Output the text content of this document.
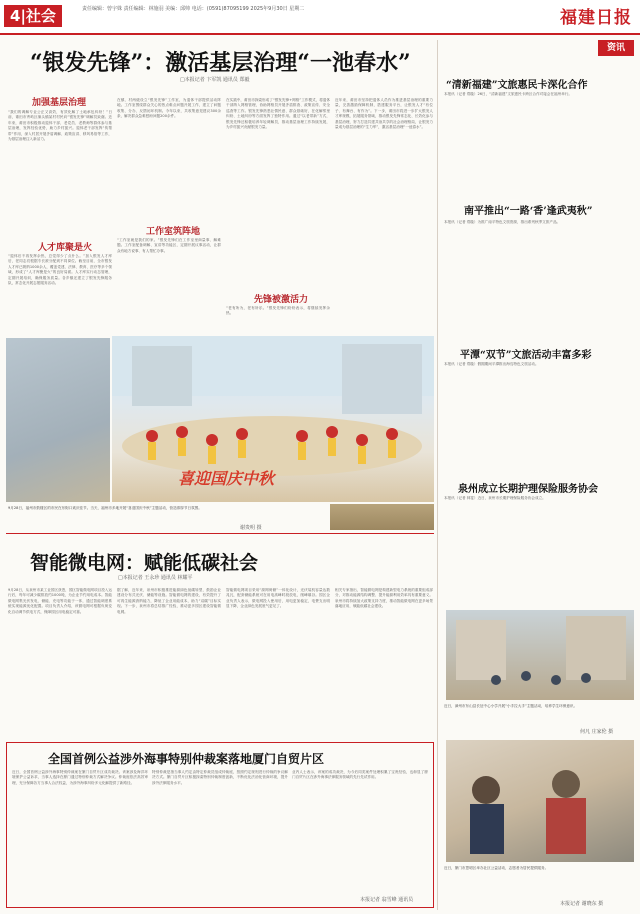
4|社会	责任编辑：曾宇姝 责任编辑：林施羽 美编：邱帅 电话：(0591)87095199 2025年9月30日 星期二	福建日报
“银发先锋”：激活基层治理“一池春水”
□本报记者 卞军凯 通讯员 郑毅
加强基层治理
“我们的调解专业公正又高效，有效化解了土地承包纠纷！”日前，莆田市秀屿区埭头镇某村村民向“银发先锋”调解员致谢。近年来，莆田市积极推动退休干部、老党员、老教师等群体参与基层治理，发挥经验优势，助力乡村振兴。退休老干部发挥“传帮带”作用，深入村居开展矛盾调解、政策宣讲、移风易俗等工作，为基层治理注入新活力。
人才库聚是火
“退休后不再发挥余热，总觉得少了点什么。”加入银发人才库后，老同志们根据专长被分配到不同岗位。截至目前，全市银发人才库已吸纳1000余人，覆盖党建、法律、教育、医疗等多个领域，形成了“人才库聚是火”的良好局面。人才库实行动态管理，定期开展培训，确保服务质量。各乡镇还建立了银发先锋服务队，常态化开展志愿服务活动。
在镇、村两级设立“银发先锋”工作室，为退休干部提供活动阵地。工作室围绕群众关心的热点难点问题开展工作，建立了问题收集、分办、反馈闭环机制。今年以来，共收集意见建议300余条，解决群众急难愁盼问题200余件。
工作室筑阵地
“工作室就是我们的家。”银发先锋们在工作室里商量事、解难题。工作室配备调解、宣讲等功能区，定期开展议事活动，让群众有地方说事、有人帮忙办事。
在实践中，莆田市探索形成了“银发先锋+网格”工作模式，将退休干部纳入网格管理，协助网格员开展矛盾排查、政策宣传、安全巡查等工作。银发先锋熟悉社情民意、群众基础好，在化解邻里纠纷、土地纠纷等方面发挥了独特作用。通过“以老带新”方式，银发先锋还积极培养年轻调解员，推动基层治理工作持续发展，为乡村振兴贡献银发力量。
先锋被激活力
“老有所为，老有所乐。”银发先锋们纷纷表示，将继续发挥余热。
近年来，莆田市坚持把退休人员作为推进基层治理的重要力量，完善激励保障机制，搭建服务平台，让银发人才“有位子、有舞台、有作为”。下一步，莆田市将进一步扩大银发人才库规模，拓展服务领域，推动银发先锋常态化、长效化参与基层治理，努力打造共建共治共享的社会治理格局，让银发力量成为基层治理的“生力军”，激活基层治理“一池春水”。
喜迎国庆中秋
9月28日，福州市鼓楼区的市民在东街口欢庆佳节。当天，福州市多地开展“喜迎国庆中秋”主题活动，营造浓厚节日氛围。
谢贵明 摄
智能微电网：赋能低碳社会
□本报记者 王永珍 通讯员 林耀平
9月28日，从泉州市某工业园区获悉，园区智能微电网项目投入运行后，每年可减少碳排放约1000吨，为企业节约用电成本。智能微电网集光伏发电、储能、充电等功能于一体，通过智能调度系统实现能源优化配置。项目负责人介绍，该微电网可根据负荷变化自动调节供电方式，保障园区用电稳定可靠。
据了解，近年来，泉州市积极推进能源绿色低碳转型，鼓励企业建设分布式光伏、储能等设施。智能微电网的建设，有效提升了可再生能源消纳能力，降低了企业用能成本，助力“双碳”目标实现。下一步，泉州市将总结推广经验，推动更多园区建设智能微电网。
智能微电网项目采用“源网荷储”一体化设计，光伏装机容量达数兆瓦，配套储能系统可在用电高峰时段放电，削峰填谷。园区企业负责人表示，微电网投入使用后，用电更加稳定，电费支出明显下降，企业绿色发展底气更足了。
相关专家指出，智能微电网是构建新型电力系统的重要组成部分，对推动能源结构调整、提升能源利用效率具有重要意义。泉州市将持续加大政策支持力度，推动智能微电网在更多场景落地应用，赋能低碳社会建设。
全国首例公益涉外海事特别仲裁案落地厦门自贸片区
近日，全国首例公益涉外海事特别仲裁案在厦门自贸片区成功裁决。该案涉及海洋环境保护公益诉求，当事人选择在厦门通过特别仲裁方式解决争议。仲裁庭依法高效审理，充分保障各方当事人合法权益，为涉外海事纠纷多元化解提供了新路径。
特别仲裁是指当事人约定由特定仲裁员组成仲裁庭，按照约定规则进行仲裁的争议解决方式。厦门自贸片区积极探索特别仲裁制度创新，不断优化法治化营商环境，提升涉外法律服务水平。
业内人士表示，该案的成功裁决，为今后同类案件处理积累了宝贵经验，也彰显了厦门自贸片区在涉外海事法律服务领域的先行先试作用。
本报记者 翁雪峰 通讯员
资讯
“清新福建”文旅惠民卡深化合作
本报讯（记者 郑璇）26日，“清新福建”文旅惠民卡跨区合作对接会在福州举行。
南平推出“一路‘香’逢武夷秋”
本报讯（记者 郑璇）为推广南平特色文旅资源，推出系列秋季文旅产品。
平潭“双节”文旅活动丰富多彩
本报讯（记者 郑璇）假期期间平潭推出海岛特色文旅活动。
泉州成立长期护理保险服务协会
本报讯（记者 林雯）近日，泉州市长期护理保险服务协会成立。
近日，漳州市东山县长征中心小学开展“小手拉大手”主题活动，培养学生环保意识。
何凡 庄家伦 摄
近日，厦门市思明区举办社区公益活动，志愿者为居民提供服务。
本报记者 谢晓东 摄
